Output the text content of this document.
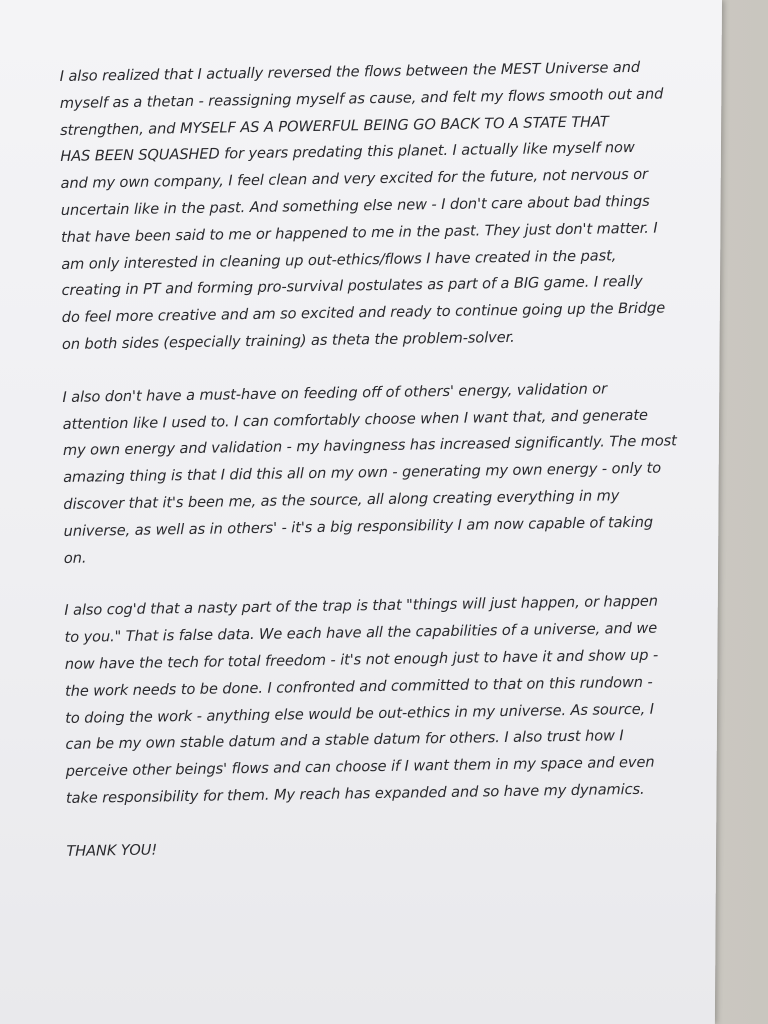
I also realized that I actually reversed the flows between the MEST Universe and
myself as a thetan - reassigning myself as cause, and felt my flows smooth out and
strengthen, and MYSELF AS A POWERFUL BEING GO BACK TO A STATE THAT
HAS BEEN SQUASHED for years predating this planet. I actually like myself now
and my own company, I feel clean and very excited for the future, not nervous or
uncertain like in the past. And something else new - I don't care about bad things
that have been said to me or happened to me in the past. They just don't matter. I
am only interested in cleaning up out-ethics/flows I have created in the past,
creating in PT and forming pro-survival postulates as part of a BIG game. I really
do feel more creative and am so excited and ready to continue going up the Bridge
on both sides (especially training) as theta the problem-solver.

I also don't have a must-have on feeding off of others' energy, validation or
attention like I used to. I can comfortably choose when I want that, and generate
my own energy and validation - my havingness has increased significantly. The most
amazing thing is that I did this all on my own - generating my own energy - only to
discover that it's been me, as the source, all along creating everything in my
universe, as well as in others' - it's a big responsibility I am now capable of taking
on.

I also cog'd that a nasty part of the trap is that "things will just happen, or happen
to you." That is false data. We each have all the capabilities of a universe, and we
now have the tech for total freedom - it's not enough just to have it and show up -
the work needs to be done. I confronted and committed to that on this rundown -
to doing the work - anything else would be out-ethics in my universe. As source, I
can be my own stable datum and a stable datum for others. I also trust how I
perceive other beings' flows and can choose if I want them in my space and even
take responsibility for them. My reach has expanded and so have my dynamics.

THANK YOU!
